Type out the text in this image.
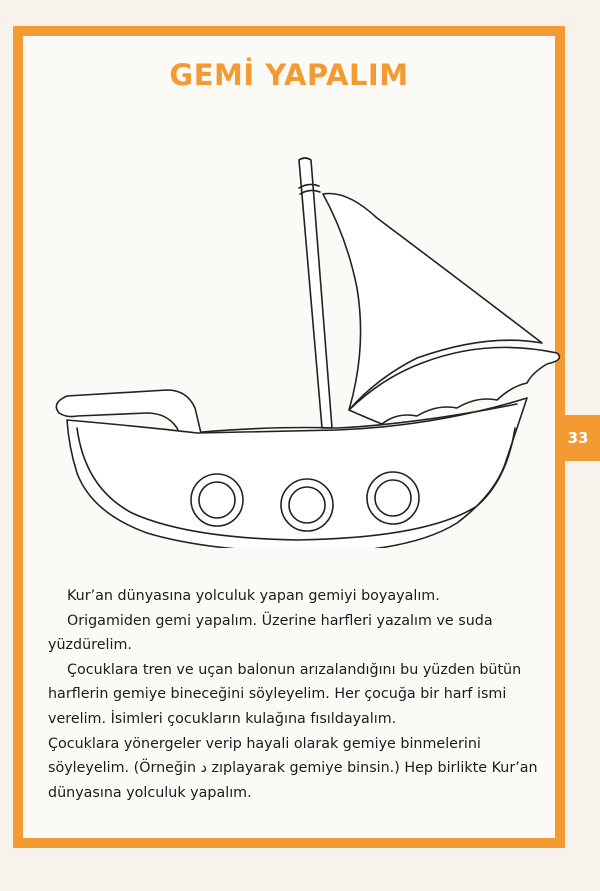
GEMİ YAPALIM

Kur’an dünyasına yolculuk yapan gemiyi boyayalım.

Origamiden gemi yapalım. Üzerine harfleri yazalım ve suda yüzdürelim.

Çocuklara tren ve uçan balonun arızalandığını bu yüzden bütün harflerin gemiye bineceğini söyleyelim. Her çocuğa bir harf ismi verelim. İsimleri çocukların kulağına fısıldayalım.

Çocuklara yönergeler verip hayali olarak gemiye binmelerini söyleyelim. (Örneğin د zıplayarak gemiye binsin.) Hep birlikte Kur’an dünyasına yolculuk yapalım.

33
